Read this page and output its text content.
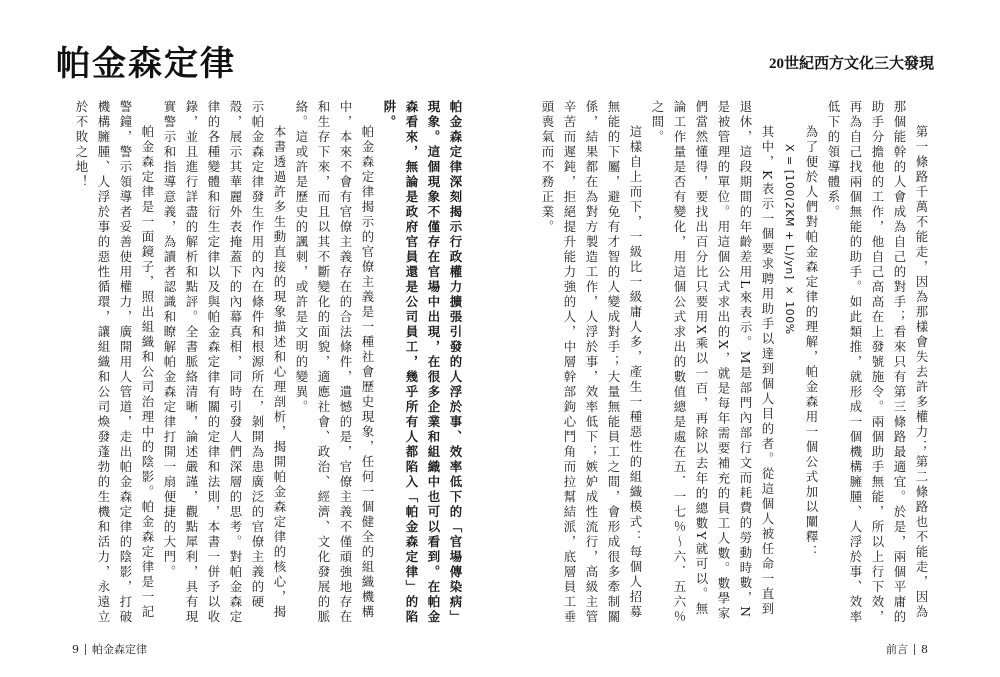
帕金森定律	20世紀西方文化三大發現

帕金森定律深刻揭示行政權力擴張引發的人浮於事、效率低下的「官場傳染病」現象。這個現象不僅存在官場中出現，在很多企業和組織中也可以看到。在帕金森看來，無論是政府官員還是公司員工，幾乎所有人都陷入「帕金森定律」的陷阱。

帕金森定律揭示的官僚主義是一種社會歷史現象，任何一個健全的組織機構中，本來不會有官僚主義存在的合法條件，遺憾的是，官僚主義不僅頑強地存在和生存下來，而且以其不斷變化的面貌，適應社會、政治、經濟、文化發展的脈絡。這或許是歷史的諷刺，或許是文明的變異。

本書透過許多生動直接的現象描述和心理剖析，揭開帕金森定律的核心，揭示帕金森定律發生作用的內在條件和根源所在，剝開為患廣泛的官僚主義的硬殼，展示其華麗外表掩蓋下的內幕真相，同時引發人們深層的思考。對帕金森定律的各種變體和衍生定律以及與帕金森定律有關的定律和法則，本書一併予以收錄，並且進行詳盡的解析和點評。全書脈絡清晰，論述嚴謹，觀點犀利，具有現實警示和指導意義，為讀者認識和瞭解帕金森定律打開一扇便捷的大門。

帕金森定律是一面鏡子，照出組織和公司治理中的陰影。帕金森定律是一記警鐘，警示領導者妥善使用權力，廣開用人管道，走出帕金森定律的陰影，打破機構臃腫、人浮於事的惡性循環，讓組織和公司煥發蓬勃的生機和活力，永遠立於不敗之地！	第一條路千萬不能走，因為那樣會失去許多權力；第二條路也不能走，因為那個能幹的人會成為自己的對手；看來只有第三條路最適宜。於是，兩個平庸的助手分擔他的工作，他自己高高在上發號施令。兩個助手無能，所以上行下效，再為自己找兩個無能的助手。如此類推，就形成一個機構臃腫、人浮於事、效率低下的領導體系。

為了便於人們對帕金森定律的理解，帕金森用一個公式加以闡釋：

X = [100(2KM + L)/yn] × 100%

其中，K表示一個要求聘用助手以達到個人目的者。從這個人被任命一直到退休，這段期間的年齡差用L來表示。M是部門內部行文而耗費的勞動時數，N是被管理的單位。用這個公式求出的X，就是每年需要補充的員工人數。數學家們當然懂得，要找出百分比只要用X乘以一百，再除以去年的總數Y就可以。無論工作量是否有變化，用這個公式求出的數值總是處在五．一七％～六．五六％之間。

這樣自上而下，一級比一級庸人多，產生一種惡性的組織模式：每個人招募無能的下屬，避免有才智的人變成對手；大量無能員工之間，會形成很多牽制關係，結果都在為對方製造工作，人浮於事，效率低下；嫉妒成性流行，高級主管辛苦而遲鈍，拒絕提升能力強的人，中層幹部鉤心鬥角而拉幫結派，底層員工垂頭喪氣而不務正業。

9 帕金森定律	前言 8
